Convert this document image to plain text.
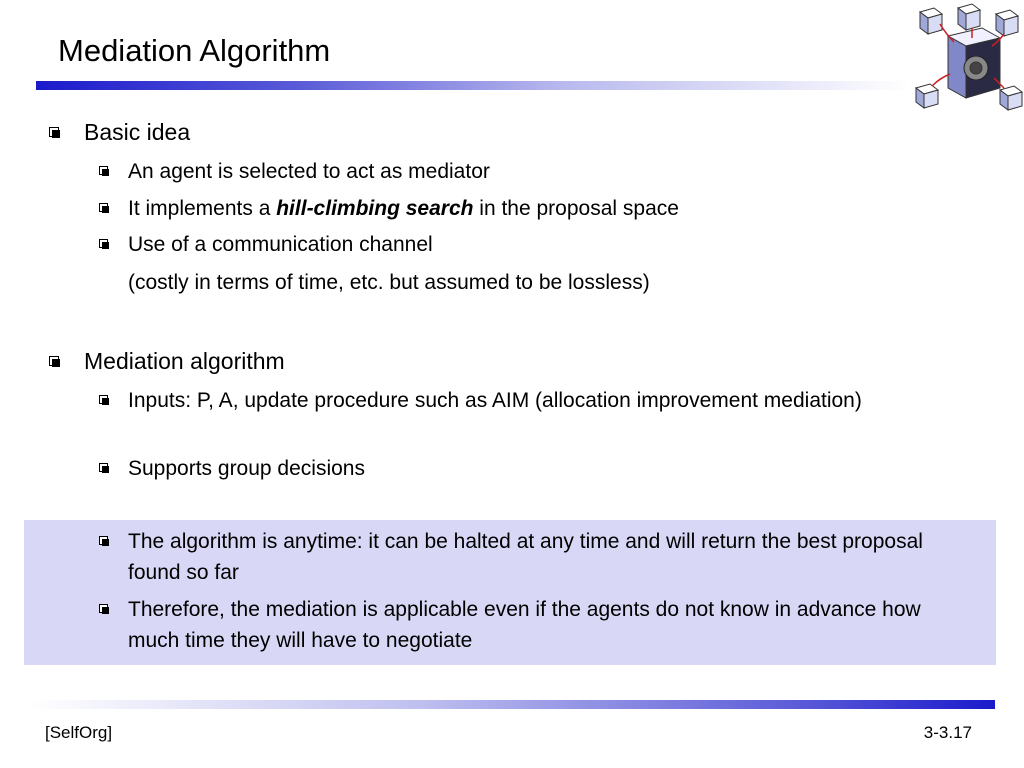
Mediation Algorithm
Basic idea
An agent is selected to act as mediator
It implements a hill-climbing search in the proposal space
Use of a communication channel
(costly in terms of time, etc. but assumed to be lossless)
Mediation algorithm
Inputs: P, A, update procedure such as AIM (allocation improvement mediation)
Supports group decisions
The algorithm is anytime: it can be halted at any time and will return the best proposal found so far
Therefore, the mediation is applicable even if the agents do not know in advance how much time they will have to negotiate
[SelfOrg]	3-3.17
